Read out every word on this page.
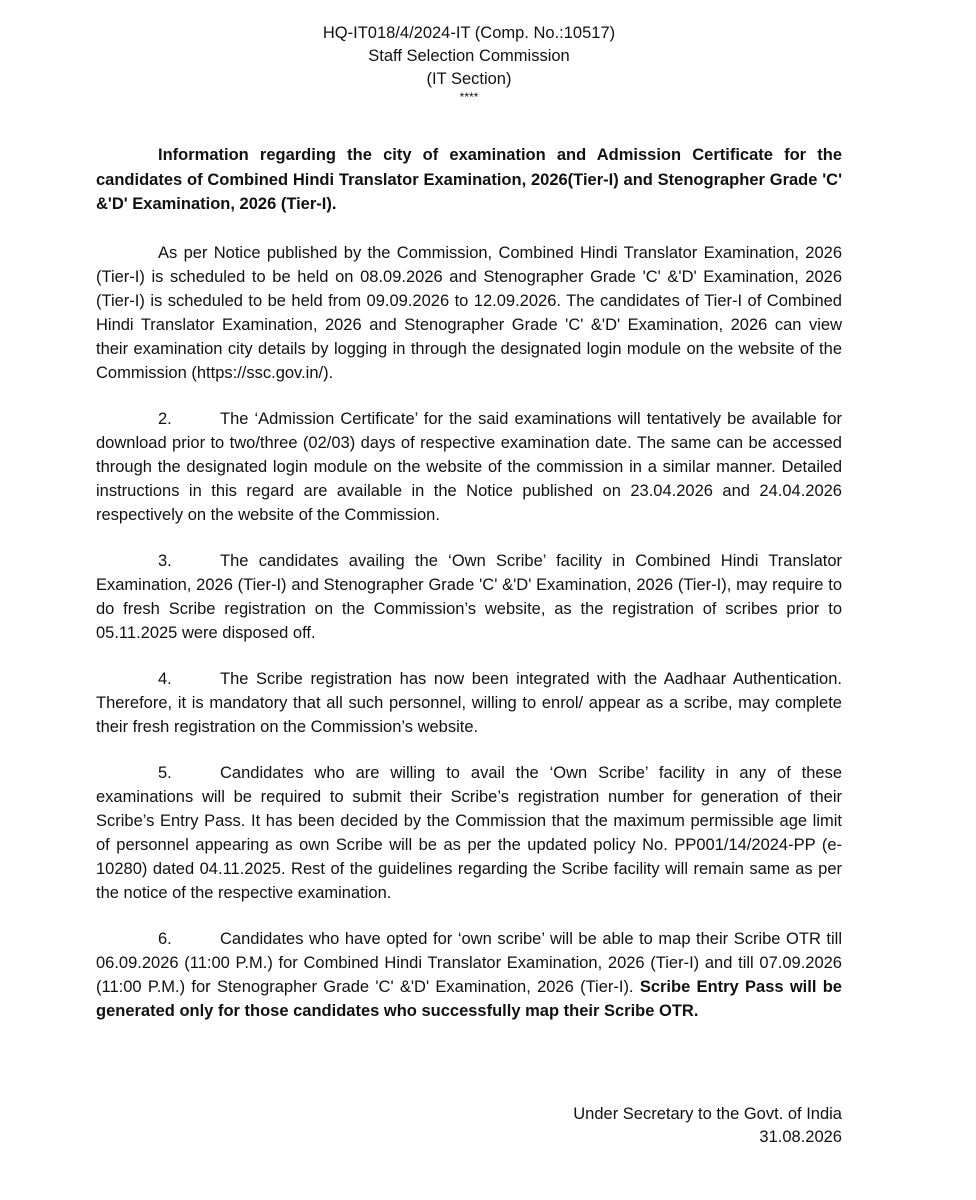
HQ-IT018/4/2024-IT (Comp. No.:10517)

Staff Selection Commission

(IT Section)

****

Information regarding the city of examination and Admission Certificate for the candidates of Combined Hindi Translator Examination, 2026(Tier-I) and Stenographer Grade 'C' &'D' Examination, 2026 (Tier-I).

As per Notice published by the Commission, Combined Hindi Translator Examination, 2026 (Tier-I) is scheduled to be held on 08.09.2026 and Stenographer Grade 'C' &'D' Examination, 2026 (Tier-I) is scheduled to be held from 09.09.2026 to 12.09.2026. The candidates of Tier-I of Combined Hindi Translator Examination, 2026 and Stenographer Grade 'C' &'D' Examination, 2026 can view their examination city details by logging in through the designated login module on the website of the Commission (https://ssc.gov.in/).

2.	The ‘Admission Certificate’ for the said examinations will tentatively be available for download prior to two/three (02/03) days of respective examination date. The same can be accessed through the designated login module on the website of the commission in a similar manner. Detailed instructions in this regard are available in the Notice published on 23.04.2026 and 24.04.2026 respectively on the website of the Commission.

3.	The candidates availing the ‘Own Scribe’ facility in Combined Hindi Translator Examination, 2026 (Tier-I) and Stenographer Grade 'C' &'D' Examination, 2026 (Tier-I), may require to do fresh Scribe registration on the Commission’s website, as the registration of scribes prior to 05.11.2025 were disposed off.

4.	The Scribe registration has now been integrated with the Aadhaar Authentication. Therefore, it is mandatory that all such personnel, willing to enrol/ appear as a scribe, may complete their fresh registration on the Commission’s website.

5.	Candidates who are willing to avail the ‘Own Scribe’ facility in any of these examinations will be required to submit their Scribe’s registration number for generation of their Scribe’s Entry Pass. It has been decided by the Commission that the maximum permissible age limit of personnel appearing as own Scribe will be as per the updated policy No. PP001/14/2024-PP (e-10280) dated 04.11.2025. Rest of the guidelines regarding the Scribe facility will remain same as per the notice of the respective examination.

6.	Candidates who have opted for ‘own scribe’ will be able to map their Scribe OTR till 06.09.2026 (11:00 P.M.) for Combined Hindi Translator Examination, 2026 (Tier-I) and till 07.09.2026 (11:00 P.M.) for Stenographer Grade 'C' &'D' Examination, 2026 (Tier-I). Scribe Entry Pass will be generated only for those candidates who successfully map their Scribe OTR.

Under Secretary to the Govt. of India
31.08.2026
